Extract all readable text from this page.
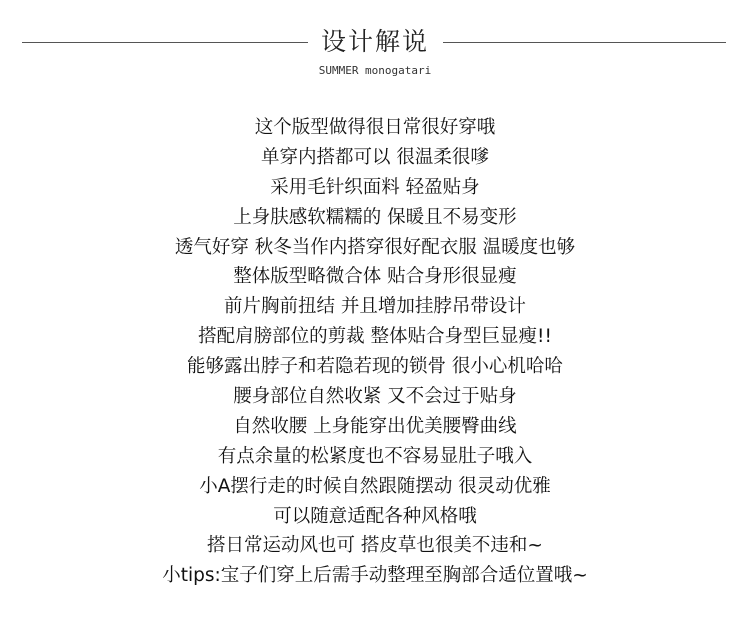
设计解说
SUMMER monogatari
这个版型做得很日常很好穿哦
单穿内搭都可以 很温柔很嗲
采用毛针织面料 轻盈贴身
上身肤感软糯糯的 保暖且不易变形
透气好穿 秋冬当作内搭穿很好配衣服 温暖度也够
整体版型略微合体 贴合身形很显瘦
前片胸前扭结 并且增加挂脖吊带设计
搭配肩膀部位的剪裁 整体贴合身型巨显瘦!!
能够露出脖子和若隐若现的锁骨 很小心机哈哈
腰身部位自然收紧 又不会过于贴身
自然收腰 上身能穿出优美腰臀曲线
有点余量的松紧度也不容易显肚子哦入
小A摆行走的时候自然跟随摆动 很灵动优雅
可以随意适配各种风格哦
搭日常运动风也可 搭皮草也很美不违和~
小tips:宝子们穿上后需手动整理至胸部合适位置哦~
